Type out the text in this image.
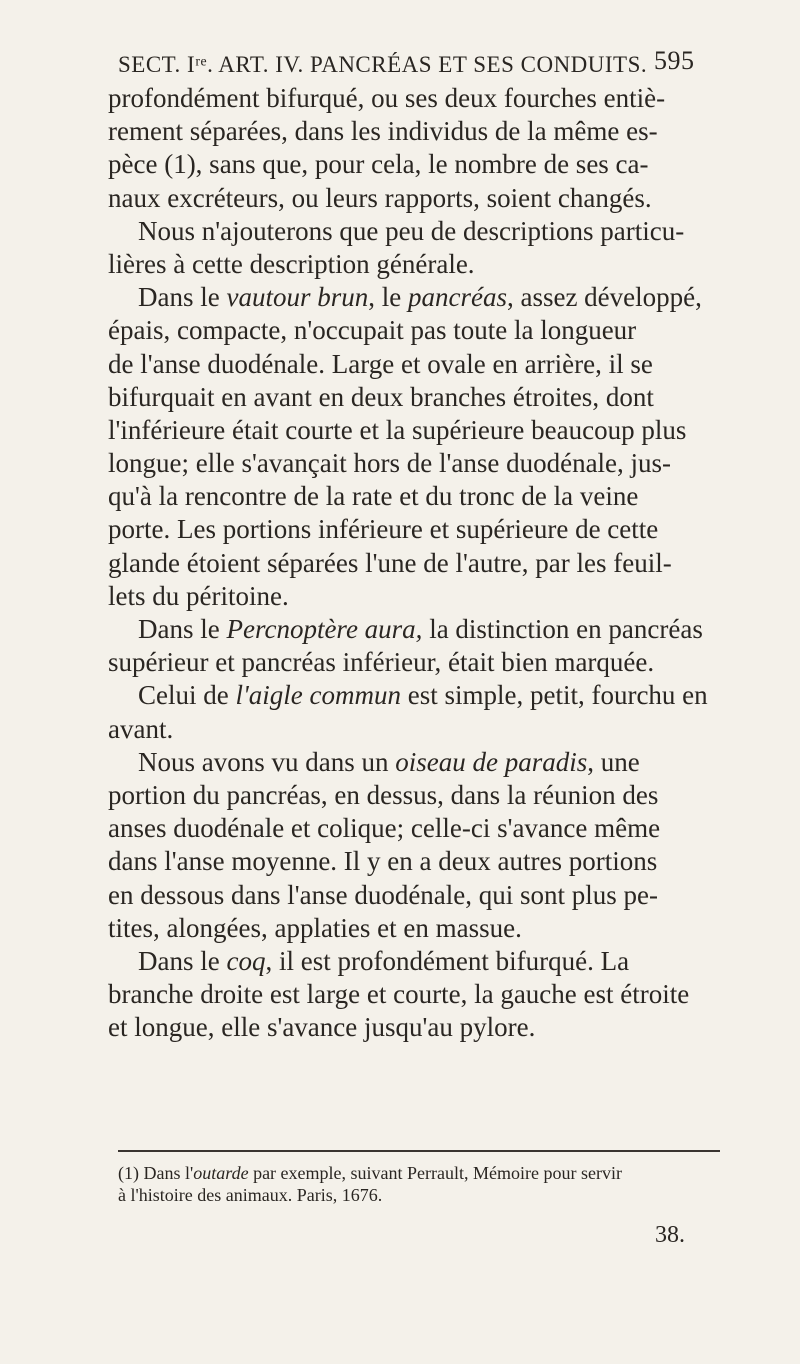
SECT. Iʳᵉ. ART. IV. PANCRÉAS ET SES CONDUITS. 595
profondément bifurqué, ou ses deux fourches entiè-
rement séparées, dans les individus de la même es-
pèce (1), sans que, pour cela, le nombre de ses ca-
naux excréteurs, ou leurs rapports, soient changés.
Nous n'ajouterons que peu de descriptions particu-
lières à cette description générale.
Dans le vautour brun, le pancréas, assez développé,
épais, compacte, n'occupait pas toute la longueur
de l'anse duodénale. Large et ovale en arrière, il se
bifurquait en avant en deux branches étroites, dont
l'inférieure était courte et la supérieure beaucoup plus
longue; elle s'avançait hors de l'anse duodénale, jus-
qu'à la rencontre de la rate et du tronc de la veine
porte. Les portions inférieure et supérieure de cette
glande étoient séparées l'une de l'autre, par les feuil-
lets du péritoine.
Dans le Percnoptère aura, la distinction en pancréas
supérieur et pancréas inférieur, était bien marquée.
Celui de l'aigle commun est simple, petit, fourchu en
avant.
Nous avons vu dans un oiseau de paradis, une
portion du pancréas, en dessus, dans la réunion des
anses duodénale et colique; celle-ci s'avance même
dans l'anse moyenne. Il y en a deux autres portions
en dessous dans l'anse duodénale, qui sont plus pe-
tites, alongées, applaties et en massue.
Dans le coq, il est profondément bifurqué. La
branche droite est large et courte, la gauche est étroite
et longue, elle s'avance jusqu'au pylore.
(1) Dans l'outarde par exemple, suivant Perrault, Mémoire pour servir
à l'histoire des animaux. Paris, 1676.
38.
